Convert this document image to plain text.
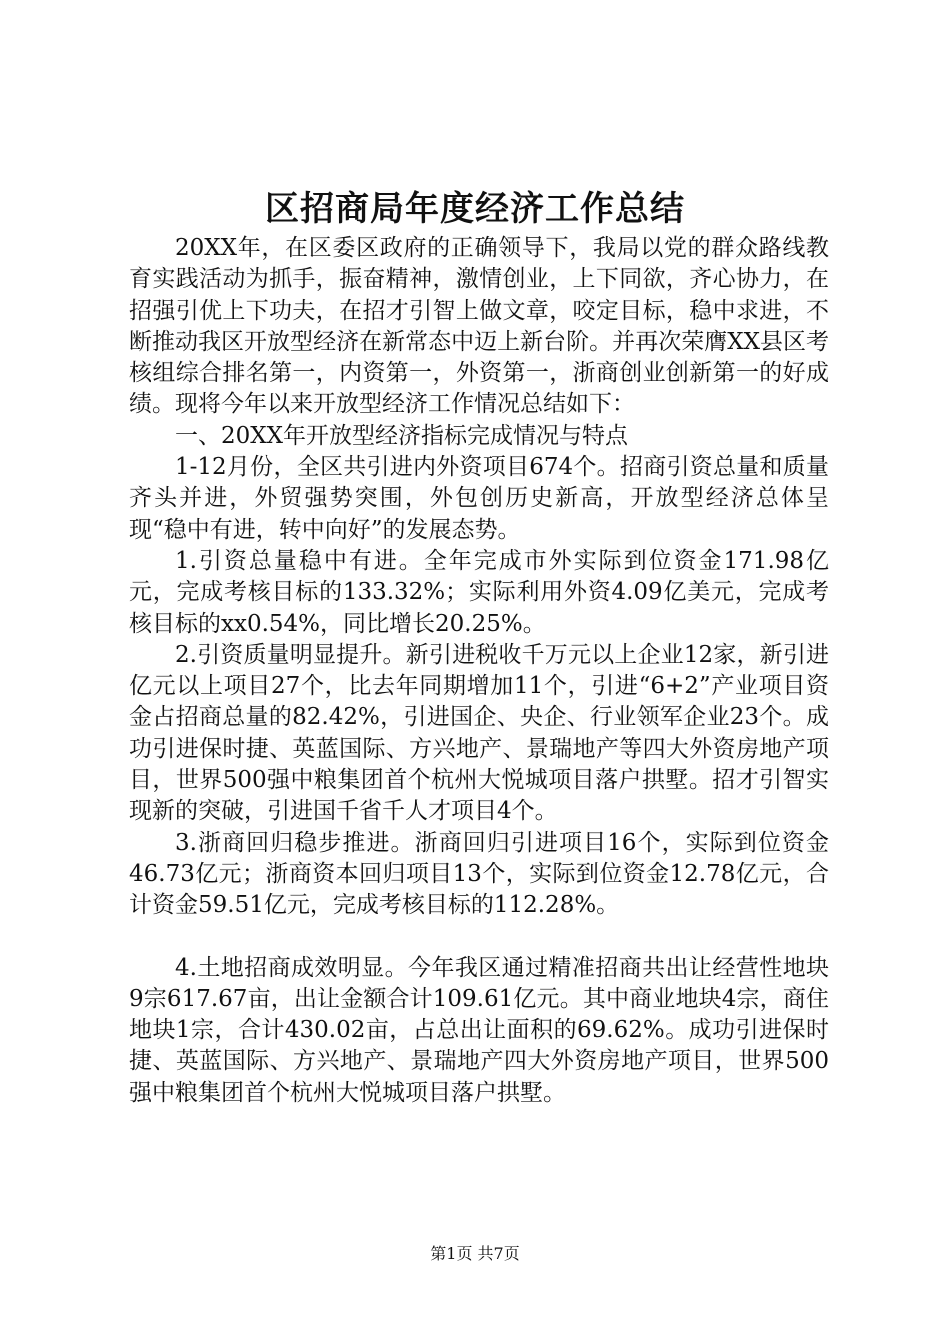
区招商局年度经济工作总结

20XX年，在区委区政府的正确领导下，我局以党的群众路线教育实践活动为抓手，振奋精神，激情创业，上下同欲，齐心协力，在招强引优上下功夫，在招才引智上做文章，咬定目标，稳中求进，不断推动我区开放型经济在新常态中迈上新台阶。并再次荣膺XX县区考核组综合排名第一，内资第一，外资第一，浙商创业创新第一的好成绩。现将今年以来开放型经济工作情况总结如下：

一、20XX年开放型经济指标完成情况与特点

1-12月份，全区共引进内外资项目674个。招商引资总量和质量齐头并进，外贸强势突围，外包创历史新高，开放型经济总体呈现“稳中有进，转中向好”的发展态势。

1.引资总量稳中有进。全年完成市外实际到位资金171.98亿元，完成考核目标的133.32%；实际利用外资4.09亿美元，完成考核目标的xx0.54%，同比增长20.25%。

2.引资质量明显提升。新引进税收千万元以上企业12家，新引进亿元以上项目27个，比去年同期增加11个，引进“6+2”产业项目资金占招商总量的82.42%，引进国企、央企、行业领军企业23个。成功引进保时捷、英蓝国际、方兴地产、景瑞地产等四大外资房地产项目，世界500强中粮集团首个杭州大悦城项目落户拱墅。招才引智实现新的突破，引进国千省千人才项目4个。

3.浙商回归稳步推进。浙商回归引进项目16个，实际到位资金46.73亿元；浙商资本回归项目13个，实际到位资金12.78亿元，合计资金59.51亿元，完成考核目标的112.28%。

4.土地招商成效明显。今年我区通过精准招商共出让经营性地块9宗617.67亩，出让金额合计109.61亿元。其中商业地块4宗，商住地块1宗，合计430.02亩，占总出让面积的69.62%。成功引进保时捷、英蓝国际、方兴地产、景瑞地产四大外资房地产项目，世界500强中粮集团首个杭州大悦城项目落户拱墅。

第1页 共7页
